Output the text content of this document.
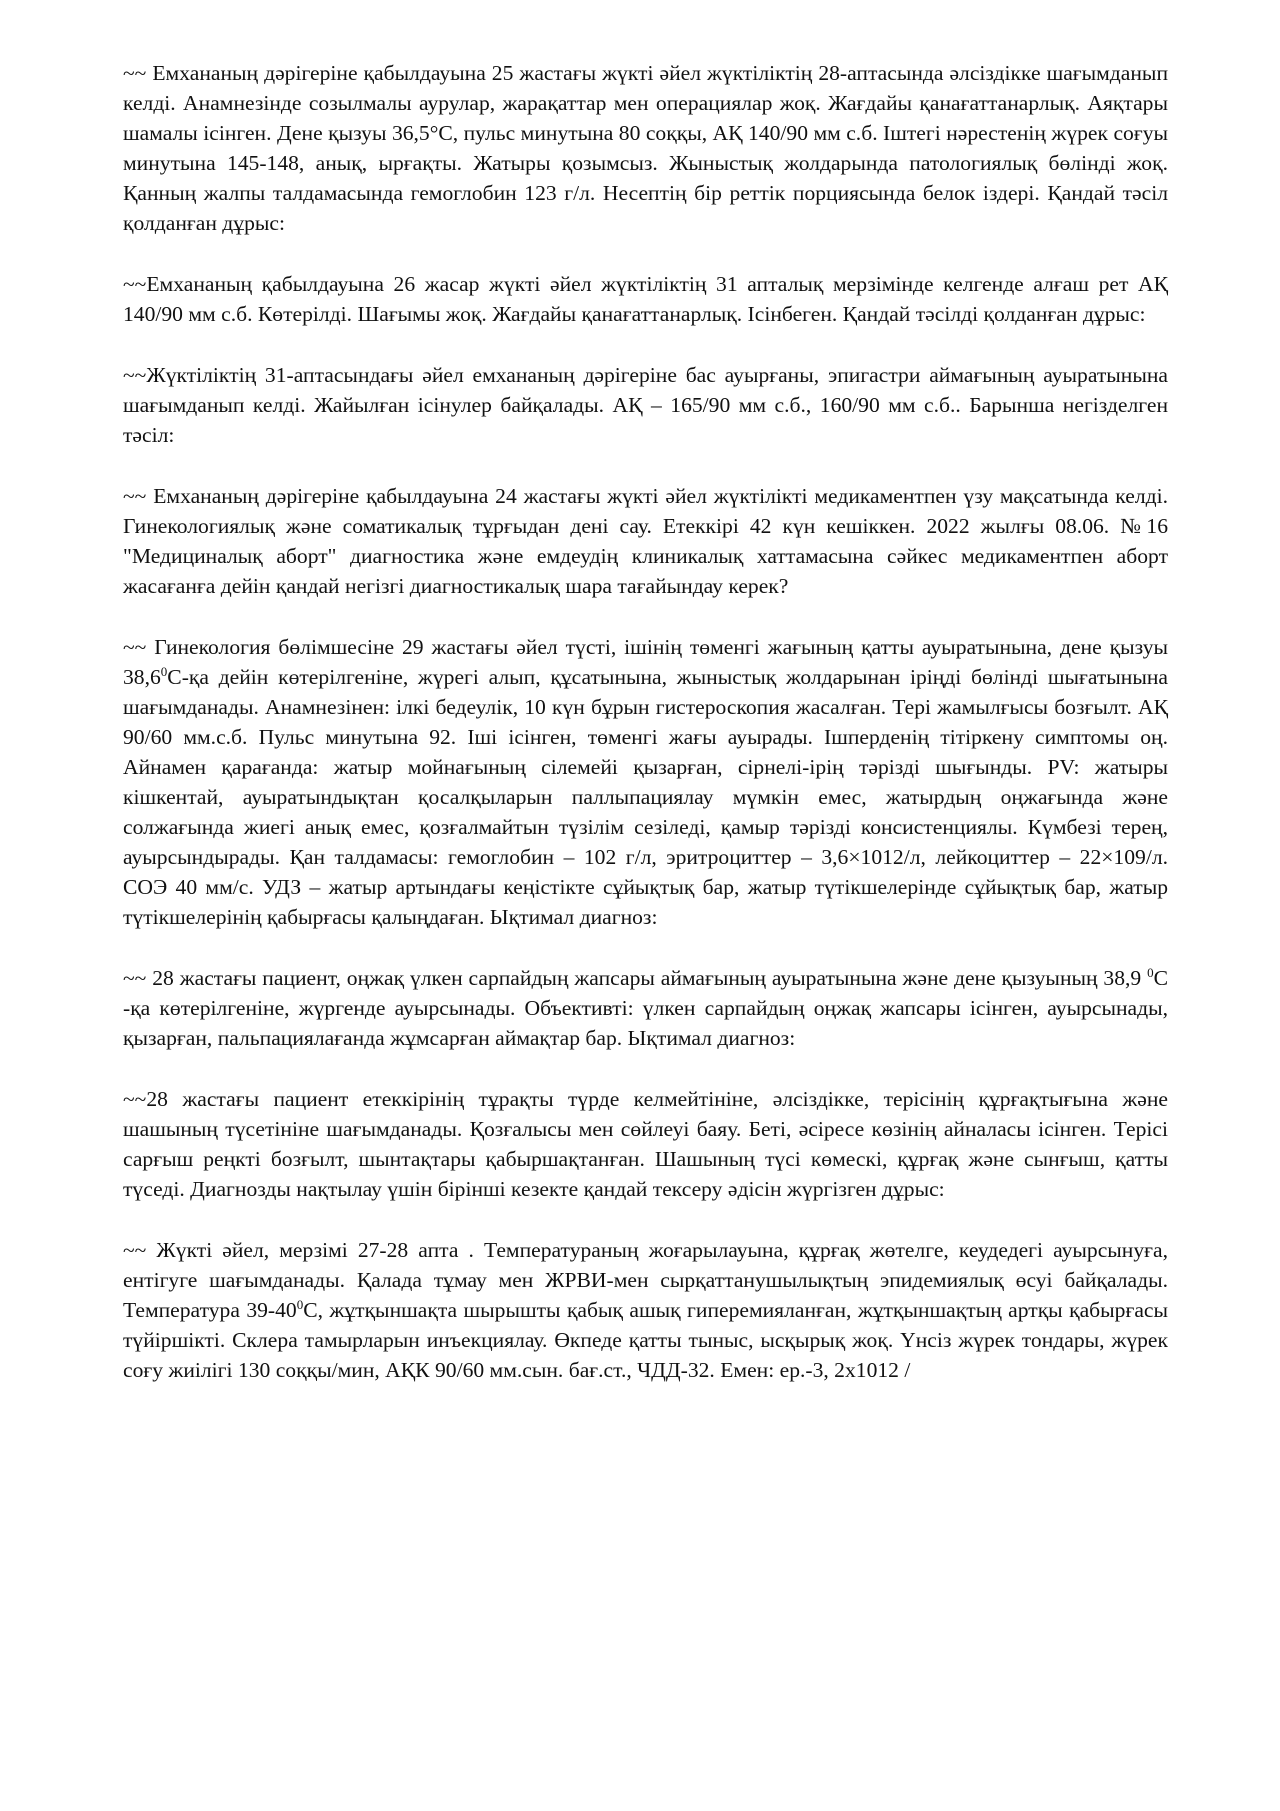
~~ Емхананың дәрігеріне қабылдауына 25 жастағы жүкті әйел жүктіліктің 28-аптасында әлсіздікке шағымданып келді. Анамнезінде созылмалы аурулар, жарақаттар мен операциялар жоқ. Жағдайы қанағаттанарлық. Аяқтары шамалы ісінген. Дене қызуы 36,5°С, пульс минутына 80 соққы, АҚ 140/90 мм с.б. Іштегі нәрестенің жүрек соғуы минутына 145-148, анық, ырғақты. Жатыры қозымсыз. Жыныстық жолдарында патологиялық бөлінді жоқ. Қанның жалпы талдамасында гемоглобин 123 г/л. Несептің бір реттік порциясында белок іздері. Қандай тәсіл қолданған дұрыс:

~~Емхананың қабылдауына 26 жасар жүкті әйел жүктіліктің 31 апталық мерзімінде келгенде алғаш рет АҚ 140/90 мм с.б. Көтерілді. Шағымы жоқ. Жағдайы қанағаттанарлық. Ісінбеген. Қандай тәсілді қолданған дұрыс:

~~Жүктіліктің 31-аптасындағы әйел емхананың дәрігеріне бас ауырғаны, эпигастри аймағының ауыратынына шағымданып келді. Жайылған ісінулер байқалады. АҚ – 165/90 мм с.б., 160/90 мм с.б.. Барынша негізделген тәсіл:

~~ Емхананың дәрігеріне қабылдауына 24 жастағы жүкті әйел жүктілікті медикаментпен үзу мақсатында келді. Гинекологиялық және соматикалық тұрғыдан дені сау. Етеккірі 42 күн кешіккен. 2022 жылғы 08.06. №16 "Медициналық аборт" диагностика және емдеудің клиникалық хаттамасына сәйкес медикаментпен аборт жасағанға дейін қандай негізгі диагностикалық шара тағайындау керек?

~~ Гинекология бөлімшесіне 29 жастағы әйел түсті, ішінің төменгі жағының қатты ауыратынына, дене қызуы 38,6$^0$С-қа дейін көтерілгеніне, жүрегі алып, құсатынына, жыныстық жолдарынан іріңді бөлінді шығатынына шағымданады. Анамнезінен: ілкі бедеулік, 10 күн бұрын гистероскопия жасалған. Тері жамылғысы бозғылт. АҚ 90/60 мм.с.б. Пульс минутына 92. Іші ісінген, төменгі жағы ауырады. Ішперденің тітіркену симптомы оң. Айнамен қарағанда: жатыр мойнағының сілемейі қызарған, сірнелі-ірің тәрізді шығынды. PV: жатыры кішкентай, ауыратындықтан қосалқыларын паллыпациялау мүмкін емес, жатырдың оңжағында және солжағында жиегі анық емес, қозғалмайтын түзілім сезіледі, қамыр тәрізді консистенциялы. Күмбезі терең, ауырсындырады. Қан талдамасы: гемоглобин – 102 г/л, эритроциттер – 3,6×1012/л, лейкоциттер – 22×109/л. СОЭ 40 мм/с. УДЗ – жатыр артындағы кеңістікте сұйықтық бар, жатыр түтікшелерінде сұйықтық бар, жатыр түтікшелерінің қабырғасы қалыңдаған. Ықтимал диагноз:

~~ 28 жастағы пациент, оңжақ үлкен сарпайдың жапсары аймағының ауыратынына және дене қызуының 38,9 $^0$С -қа көтерілгеніне, жүргенде ауырсынады. Объективті: үлкен сарпайдың оңжақ жапсары ісінген, ауырсынады, қызарған, пальпациялағанда жұмсарған аймақтар бар. Ықтимал диагноз:

~~28 жастағы пациент етеккірінің тұрақты түрде келмейтініне, әлсіздікке, терісінің құрғақтығына және шашының түсетініне шағымданады. Қозғалысы мен сөйлеуі баяу. Беті, әсіресе көзінің айналасы ісінген. Терісі сарғыш реңкті бозғылт, шынтақтары қабыршақтанған. Шашының түсі көмескі, құрғақ және сынғыш, қатты түседі. Диагнозды нақтылау үшін бірінші кезекте қандай тексеру әдісін жүргізген дұрыс:

~~ Жүкті әйел, мерзімі 27-28 апта . Температураның жоғарылауына, құрғақ жөтелге, кеудедегі ауырсынуға, ентігуге шағымданады. Қалада тұмау мен ЖРВИ-мен сырқаттанушылықтың эпидемиялық өсуі байқалады. Температура $39-40^0С$, жұтқыншақта шырышты қабық ашық гиперемияланған, жұтқыншақтың артқы қабырғасы түйіршікті. Склера тамырларын инъекциялау. Өкпеде қатты тыныс, ысқырық жоқ. Үнсіз жүрек тондары, жүрек соғу жиілігі 130 соққы/мин, АҚК 90/60 мм.сын. бағ.ст., ЧДД-32. Емен: ер.-3, 2х1012 /
